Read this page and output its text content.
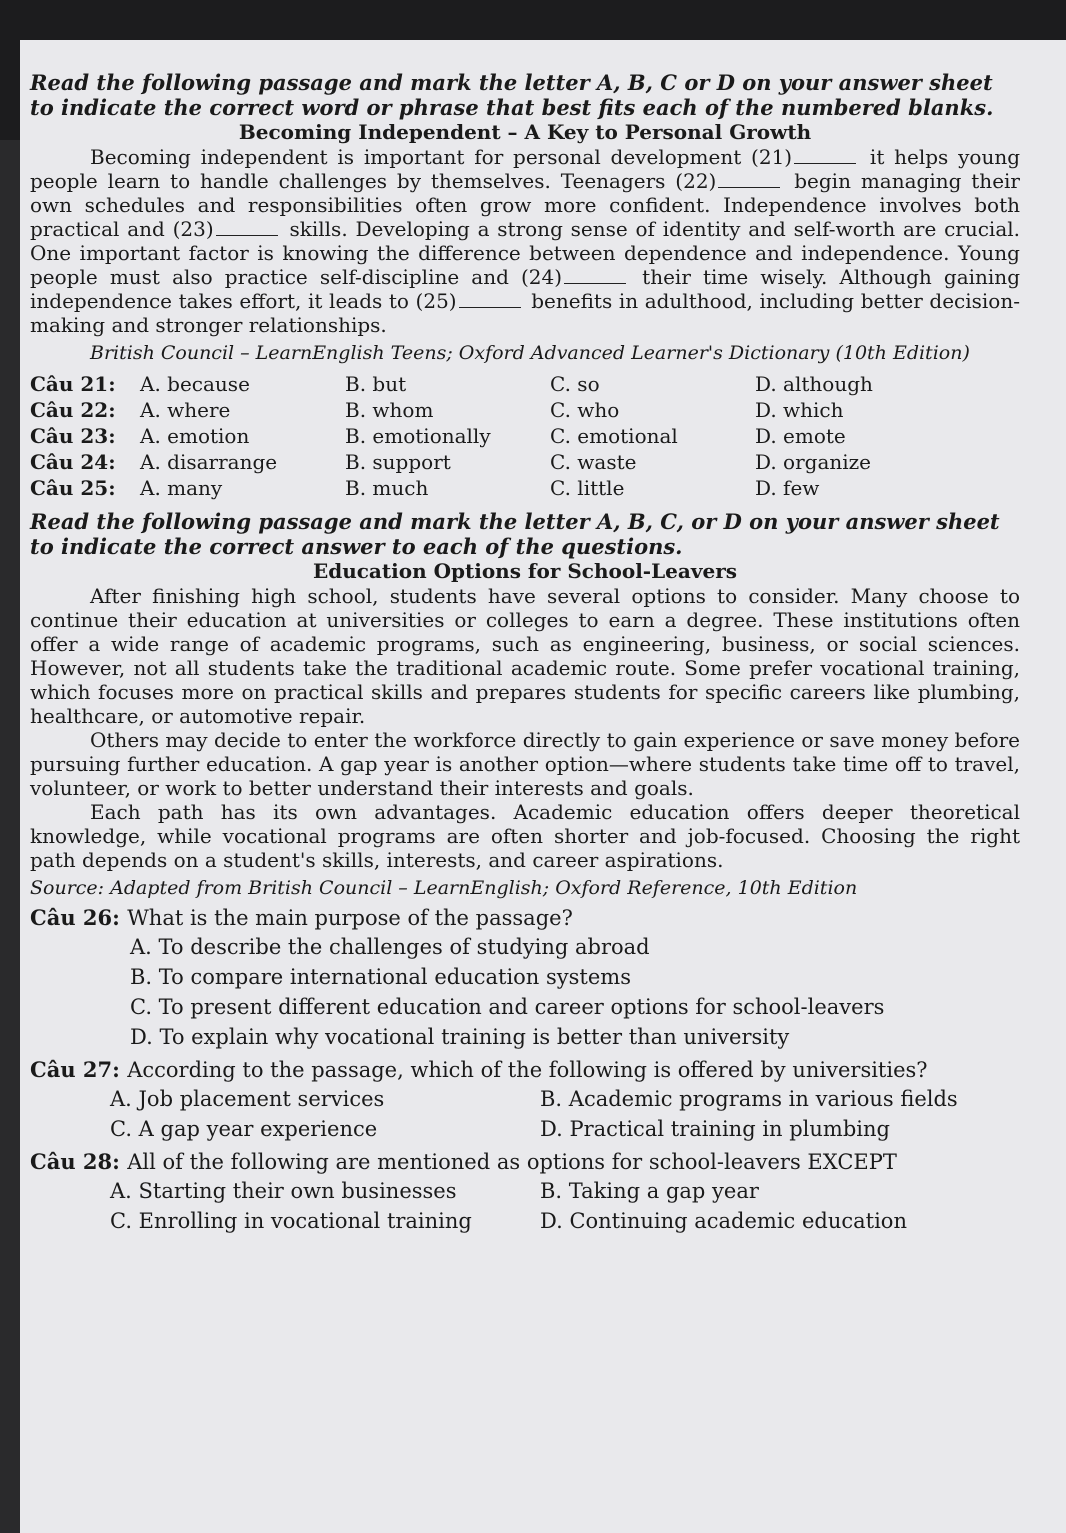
Read the following passage and mark the letter A, B, C or D on your answer sheet to indicate the correct word or phrase that best fits each of the numbered blanks.

Becoming Independent – A Key to Personal Growth

Becoming independent is important for personal development (21)	it helps young people learn to handle challenges by themselves. Teenagers (22)	begin managing their own schedules and responsibilities often grow more confident. Independence involves both practical and (23)	skills. Developing a strong sense of identity and self-worth are crucial. One important factor is knowing the difference between dependence and independence. Young people must also practice self-discipline and (24)	their time wisely. Although gaining independence takes effort, it leads to (25)	benefits in adulthood, including better decision-making and stronger relationships.

British Council – LearnEnglish Teens; Oxford Advanced Learner's Dictionary (10th Edition)

Câu 21:	A. because	B. but	C. so	D. although
Câu 22:	A. where	B. whom	C. who	D. which
Câu 23:	A. emotion	B. emotionally	C. emotional	D. emote
Câu 24:	A. disarrange	B. support	C. waste	D. organize
Câu 25:	A. many	B. much	C. little	D. few

Read the following passage and mark the letter A, B, C, or D on your answer sheet to indicate the correct answer to each of the questions.

Education Options for School-Leavers

After finishing high school, students have several options to consider. Many choose to continue their education at universities or colleges to earn a degree. These institutions often offer a wide range of academic programs, such as engineering, business, or social sciences. However, not all students take the traditional academic route. Some prefer vocational training, which focuses more on practical skills and prepares students for specific careers like plumbing, healthcare, or automotive repair.

Others may decide to enter the workforce directly to gain experience or save money before pursuing further education. A gap year is another option—where students take time off to travel, volunteer, or work to better understand their interests and goals.

Each path has its own advantages. Academic education offers deeper theoretical knowledge, while vocational programs are often shorter and job-focused. Choosing the right path depends on a student's skills, interests, and career aspirations.

Source: Adapted from British Council – LearnEnglish; Oxford Reference, 10th Edition

Câu 26: What is the main purpose of the passage?

A. To describe the challenges of studying abroad

B. To compare international education systems

C. To present different education and career options for school-leavers

D. To explain why vocational training is better than university

Câu 27: According to the passage, which of the following is offered by universities?

A. Job placement services	B. Academic programs in various fields
C. A gap year experience	D. Practical training in plumbing

Câu 28: All of the following are mentioned as options for school-leavers EXCEPT

A. Starting their own businesses	B. Taking a gap year
C. Enrolling in vocational training	D. Continuing academic education
